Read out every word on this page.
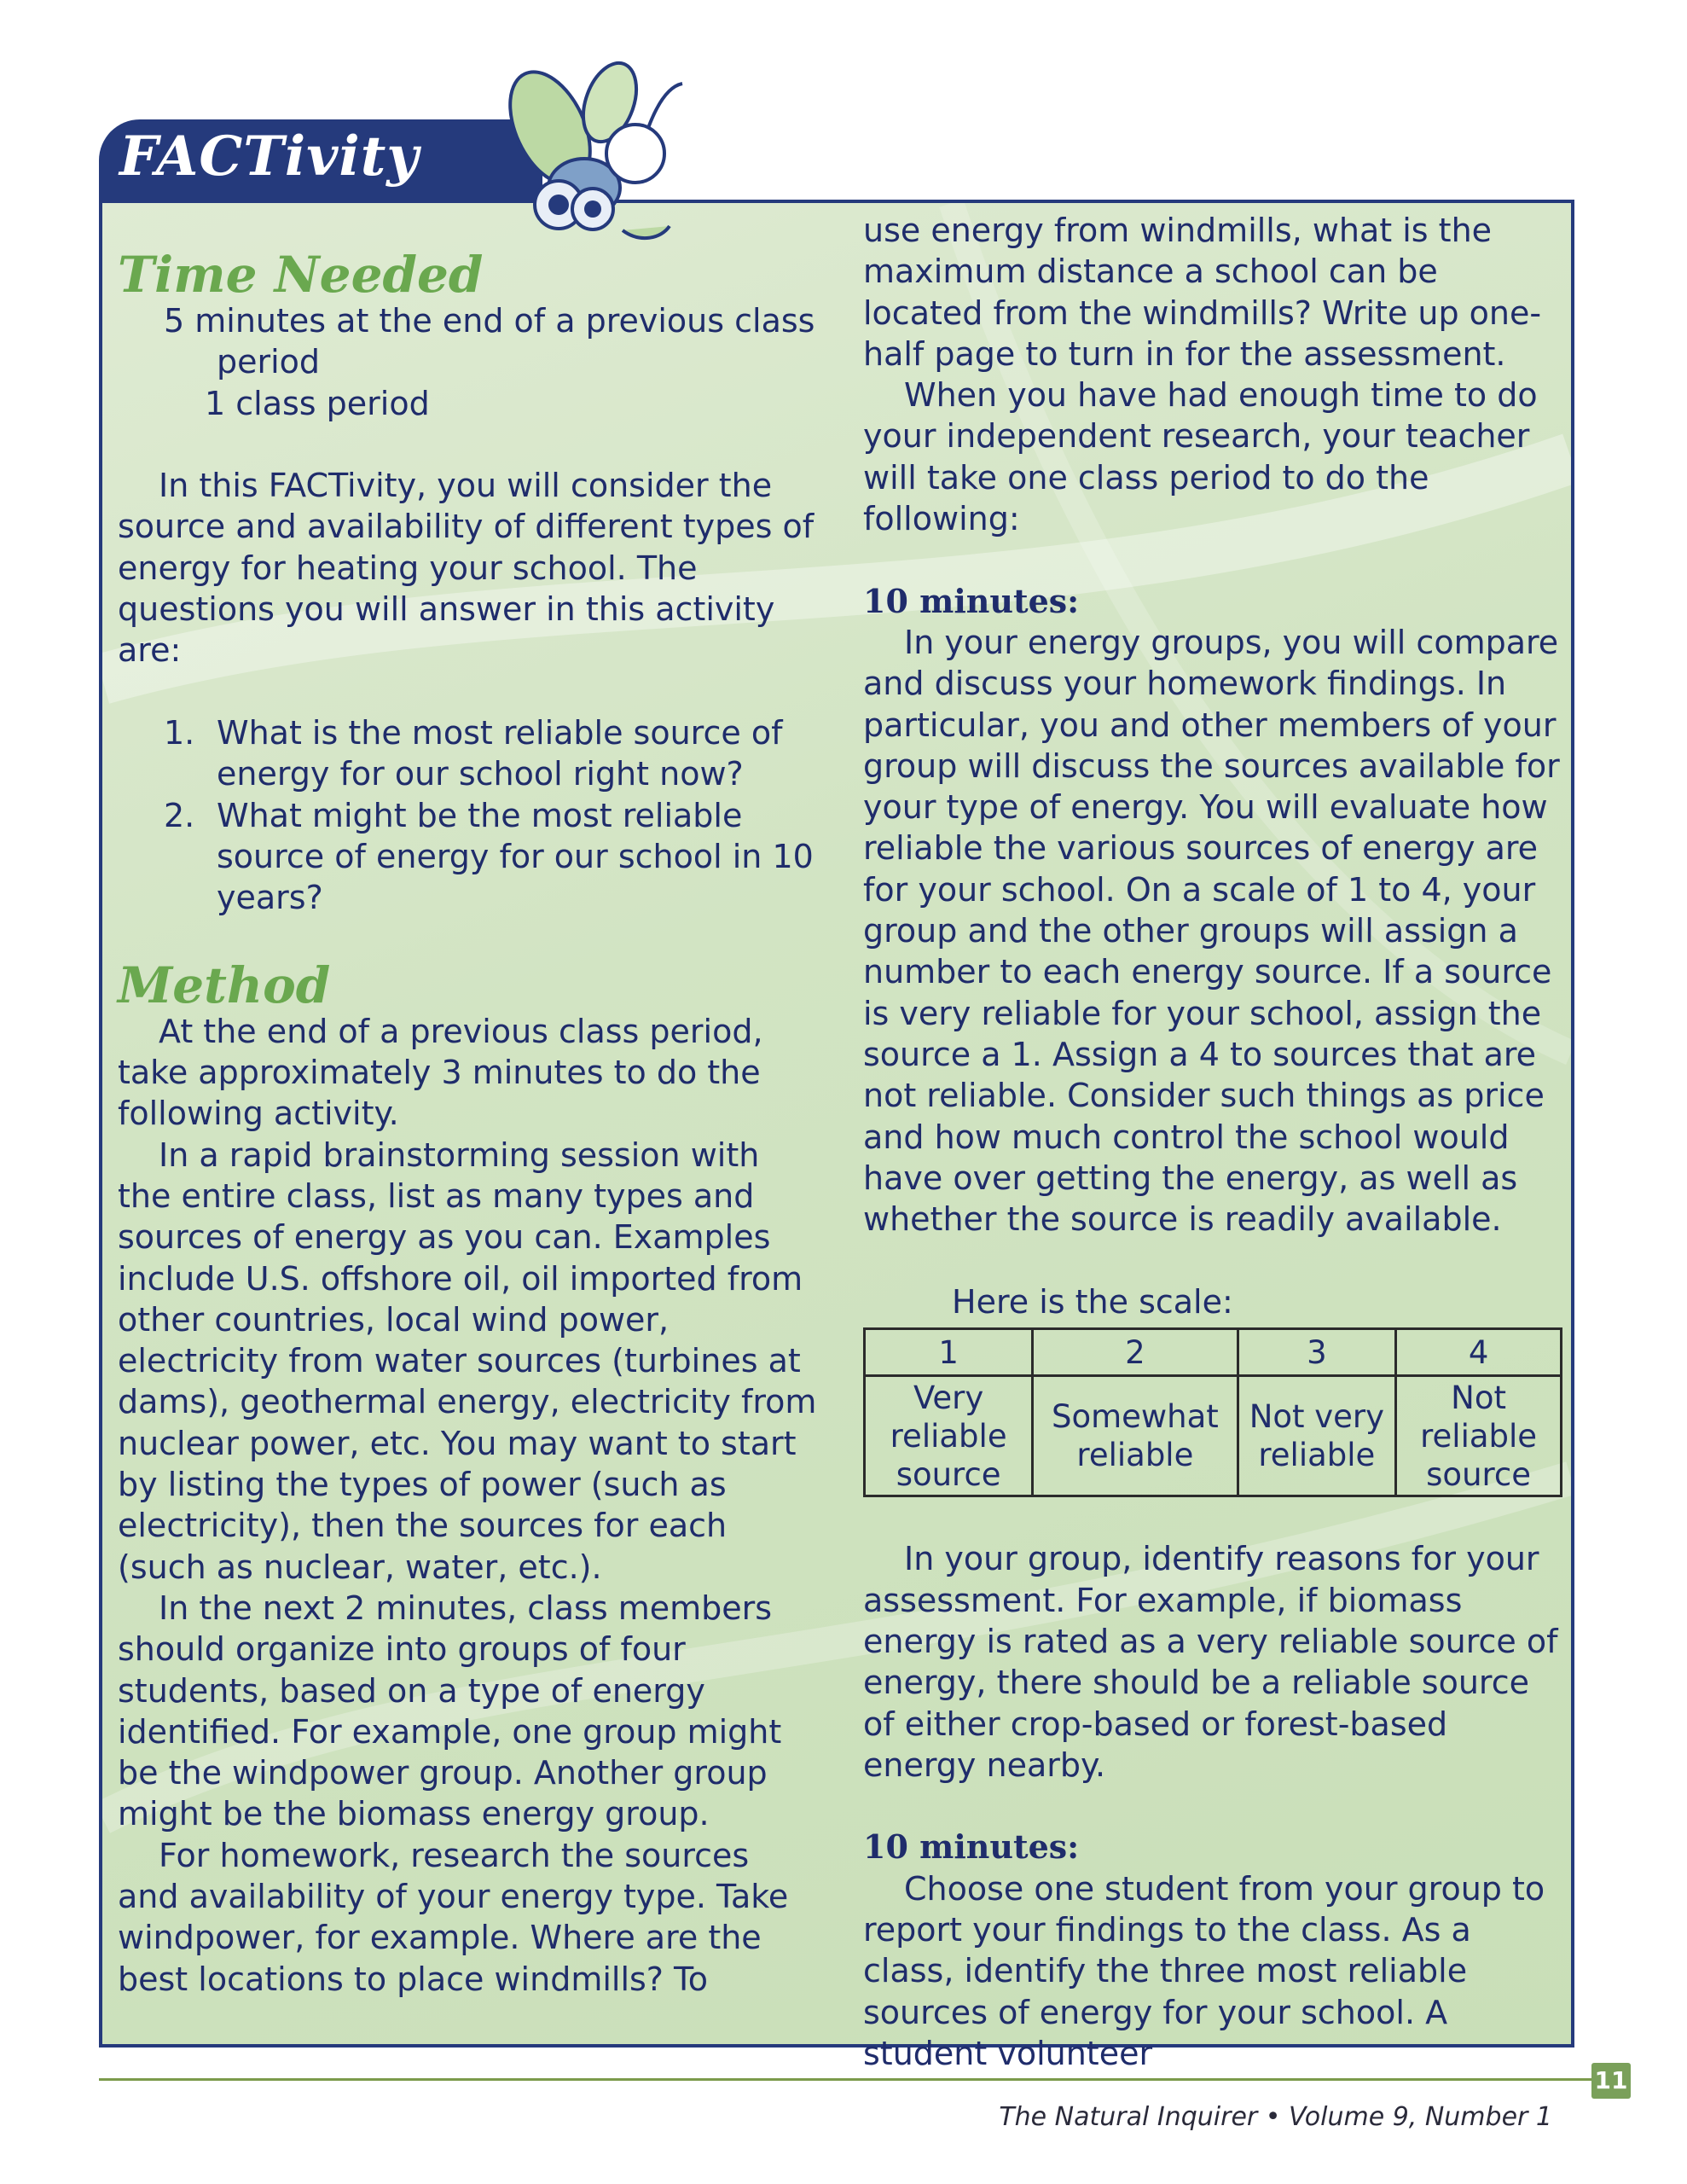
FACTivity
Time Needed

5 minutes at the end of a previous class period

1 class period

In this FACTivity, you will consider the source and availability of different types of energy for heating your school. The questions you will answer in this activity are:

1. What is the most reliable source of energy for our school right now?
2. What might be the most reliable source of energy for our school in 10 years?
Method

At the end of a previous class period, take approximately 3 minutes to do the following activity.

In a rapid brainstorming session with the entire class, list as many types and sources of energy as you can. Examples include U.S. offshore oil, oil imported from other countries, local wind power, electricity from water sources (turbines at dams), geothermal energy, electricity from nuclear power, etc. You may want to start by listing the types of power (such as electricity), then the sources for each (such as nuclear, water, etc.).

In the next 2 minutes, class members should organize into groups of four students, based on a type of energy identified. For example, one group might be the windpower group. Another group might be the biomass energy group.

For homework, research the sources and availability of your energy type. Take windpower, for example. Where are the best locations to place windmills? To

use energy from windmills, what is the maximum distance a school can be located from the windmills? Write up one-half page to turn in for the assessment.

When you have had enough time to do your independent research, your teacher will take one class period to do the following:

10 minutes:

In your energy groups, you will compare and discuss your homework findings. In particular, you and other members of your group will discuss the sources available for your type of energy. You will evaluate how reliable the various sources of energy are for your school. On a scale of 1 to 4, your group and the other groups will assign a number to each energy source. If a source is very reliable for your school, assign the source a 1. Assign a 4 to sources that are not reliable. Consider such things as price and how much control the school would have over getting the energy, as well as whether the source is readily available.

Here is the scale:

1	2	3	4
Very reliable source	Somewhat reliable	Not very reliable	Not reliable source

In your group, identify reasons for your assessment. For example, if biomass energy is rated as a very reliable source of energy, there should be a reliable source of either crop-based or forest-based energy nearby.

10 minutes:

Choose one student from your group to report your findings to the class. As a class, identify the three most reliable sources of energy for your school. A student volunteer

11
The Natural Inquirer • Volume 9, Number 1
